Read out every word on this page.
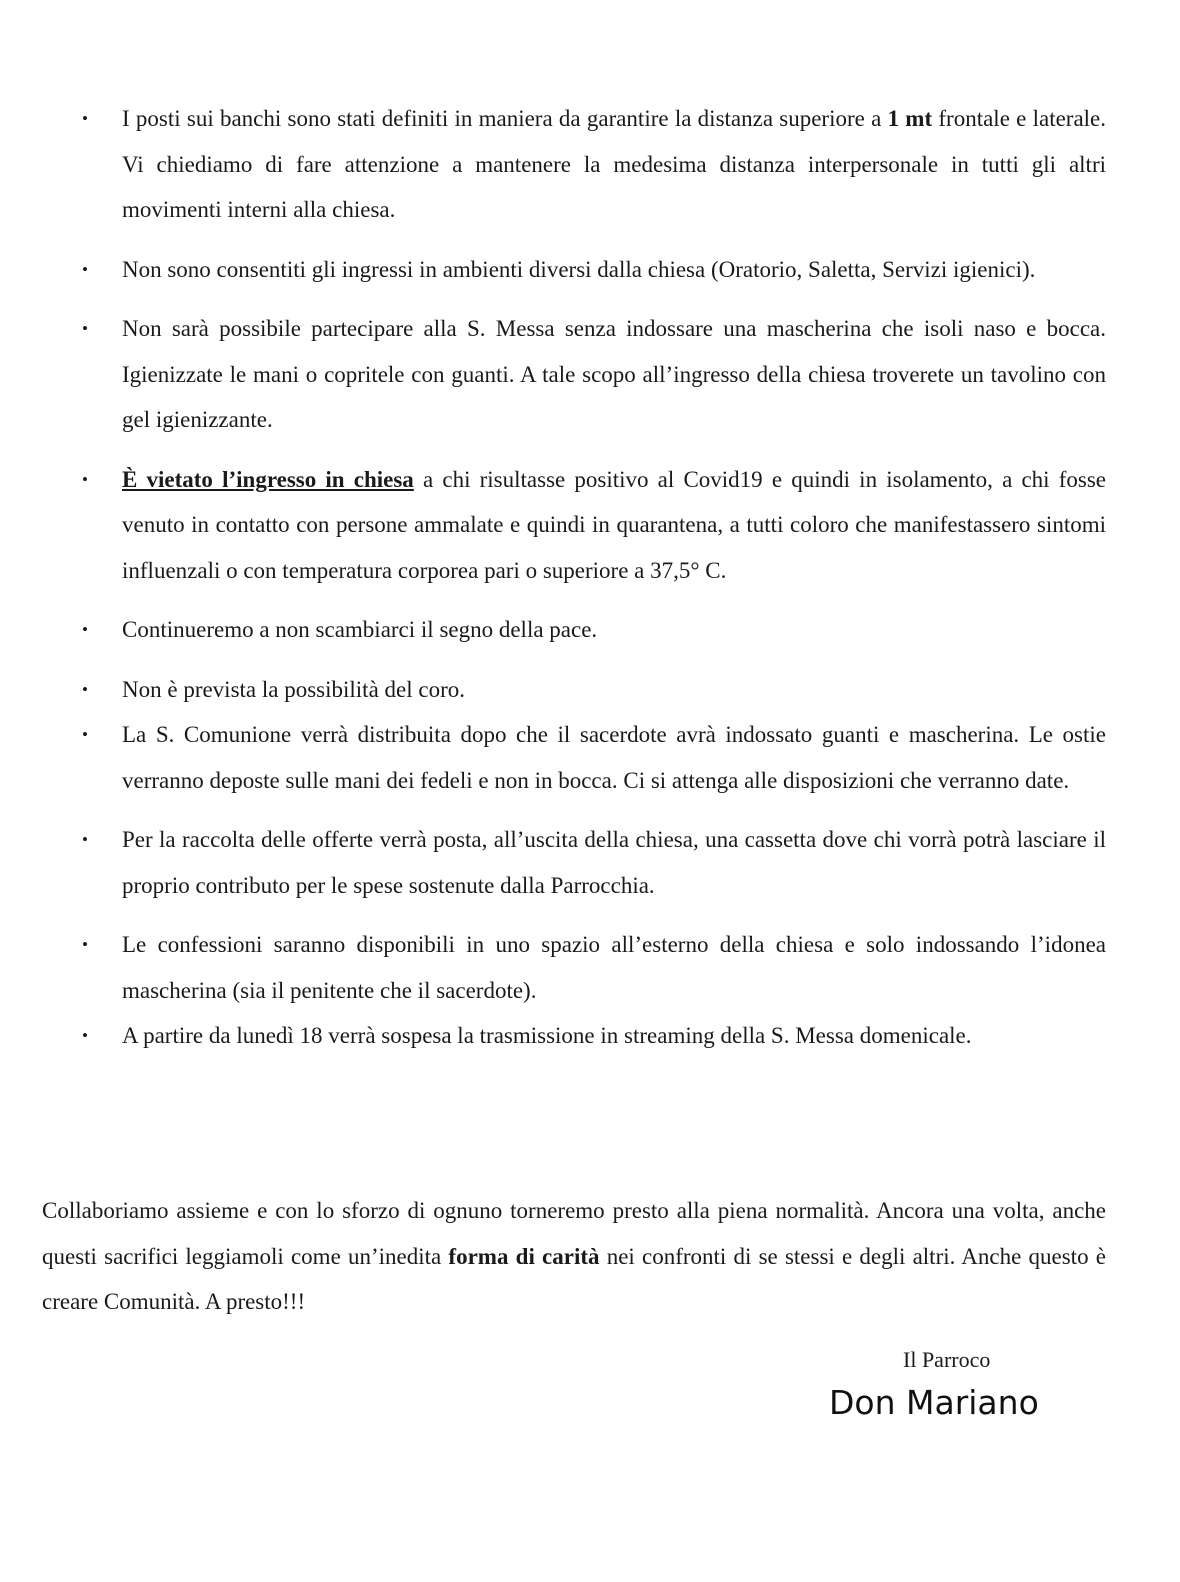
• I posti sui banchi sono stati definiti in maniera da garantire la distanza superiore a 1 mt frontale e laterale. Vi chiediamo di fare attenzione a mantenere la medesima distanza interpersonale in tutti gli altri movimenti interni alla chiesa.
• Non sono consentiti gli ingressi in ambienti diversi dalla chiesa (Oratorio, Saletta, Servizi igienici).
• Non sarà possibile partecipare alla S. Messa senza indossare una mascherina che isoli naso e bocca. Igienizzate le mani o copritele con guanti. A tale scopo all’ingresso della chiesa troverete un tavolino con gel igienizzante.
• È vietato l’ingresso in chiesa a chi risultasse positivo al Covid19 e quindi in isolamento, a chi fosse venuto in contatto con persone ammalate e quindi in quarantena, a tutti coloro che manifestassero sintomi influenzali o con temperatura corporea pari o superiore a 37,5° C.
• Continueremo a non scambiarci il segno della pace.
• Non è prevista la possibilità del coro.
• La S. Comunione verrà distribuita dopo che il sacerdote avrà indossato guanti e mascherina. Le ostie verranno deposte sulle mani dei fedeli e non in bocca. Ci si attenga alle disposizioni che verranno date.
• Per la raccolta delle offerte verrà posta, all’uscita della chiesa, una cassetta dove chi vorrà potrà lasciare il proprio contributo per le spese sostenute dalla Parrocchia.
• Le confessioni saranno disponibili in uno spazio all’esterno della chiesa e solo indossando l’idonea mascherina (sia il penitente che il sacerdote).
• A partire da lunedì 18 verrà sospesa la trasmissione in streaming della S. Messa domenicale.

Collaboriamo assieme e con lo sforzo di ognuno torneremo presto alla piena normalità. Ancora una volta, anche questi sacrifici leggiamoli come un’inedita forma di carità nei confronti di se stessi e degli altri. Anche questo è creare Comunità. A presto!!!

Il Parroco
Don Mariano
